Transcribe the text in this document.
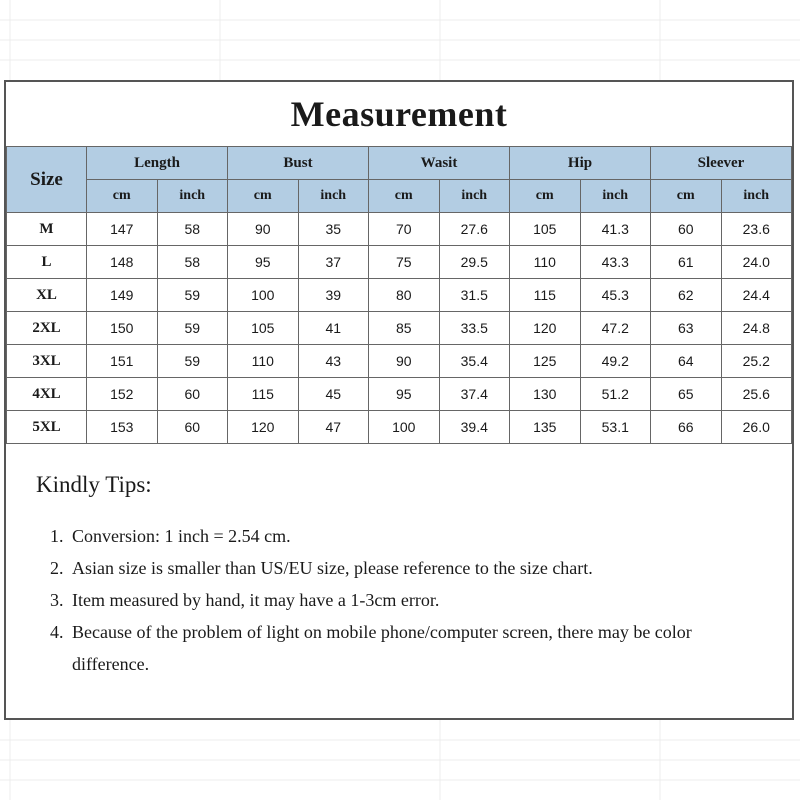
Measurement
Size	Length		Bust		Wasit		Hip		Sleever	
	cm	inch	cm	inch	cm	inch	cm	inch	cm	inch
M	147	58	90	35	70	27.6	105	41.3	60	23.6
L	148	58	95	37	75	29.5	110	43.3	61	24.0
XL	149	59	100	39	80	31.5	115	45.3	62	24.4
2XL	150	59	105	41	85	33.5	120	47.2	63	24.8
3XL	151	59	110	43	90	35.4	125	49.2	64	25.2
4XL	152	60	115	45	95	37.4	130	51.2	65	25.6
5XL	153	60	120	47	100	39.4	135	53.1	66	26.0
Kindly Tips:
1. Conversion: 1 inch = 2.54 cm.
2. Asian size is smaller than US/EU size, please reference to the size chart.
3. Item measured by hand, it may have a 1-3cm error.
4. Because of the problem of light on mobile phone/computer screen, there may be color difference.
